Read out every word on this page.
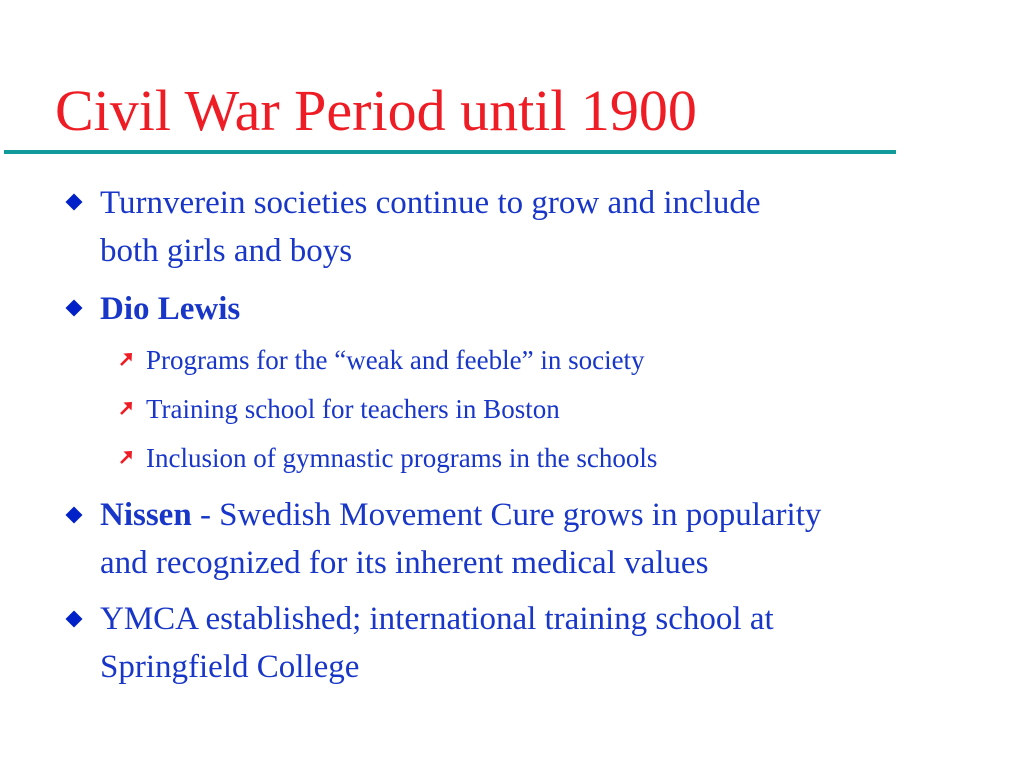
Civil War Period until 1900
Turnverein societies continue to grow and include
both girls and boys
Dio Lewis
Programs for the “weak and feeble” in society
Training school for teachers in Boston
Inclusion of gymnastic programs in the schools
Nissen - Swedish Movement Cure grows in popularity
and recognized for its inherent medical values
YMCA established; international training school at
Springfield College
